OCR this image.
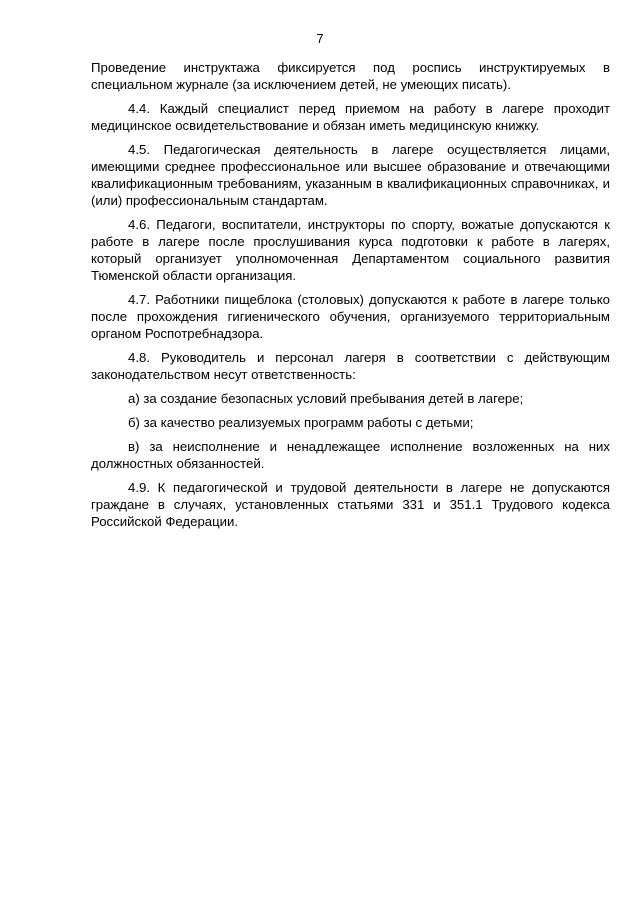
7

Проведение инструктажа фиксируется под роспись инструктируемых в специальном журнале (за исключением детей, не умеющих писать).

4.4. Каждый специалист перед приемом на работу в лагере проходит медицинское освидетельствование и обязан иметь медицинскую книжку.

4.5. Педагогическая деятельность в лагере осуществляется лицами, имеющими среднее профессиональное или высшее образование и отвечающими квалификационным требованиям, указанным в квалификационных справочниках, и (или) профессиональным стандартам.

4.6. Педагоги, воспитатели, инструкторы по спорту, вожатые допускаются к работе в лагере после прослушивания курса подготовки к работе в лагерях, который организует уполномоченная Департаментом социального развития Тюменской области организация.

4.7. Работники пищеблока (столовых) допускаются к работе в лагере только после прохождения гигиенического обучения, организуемого территориальным органом Роспотребнадзора.

4.8. Руководитель и персонал лагеря в соответствии с действующим законодательством несут ответственность:

а) за создание безопасных условий пребывания детей в лагере;

б) за качество реализуемых программ работы с детьми;

в) за неисполнение и ненадлежащее исполнение возложенных на них должностных обязанностей.

4.9. К педагогической и трудовой деятельности в лагере не допускаются граждане в случаях, установленных статьями 331 и 351.1 Трудового кодекса Российской Федерации.
